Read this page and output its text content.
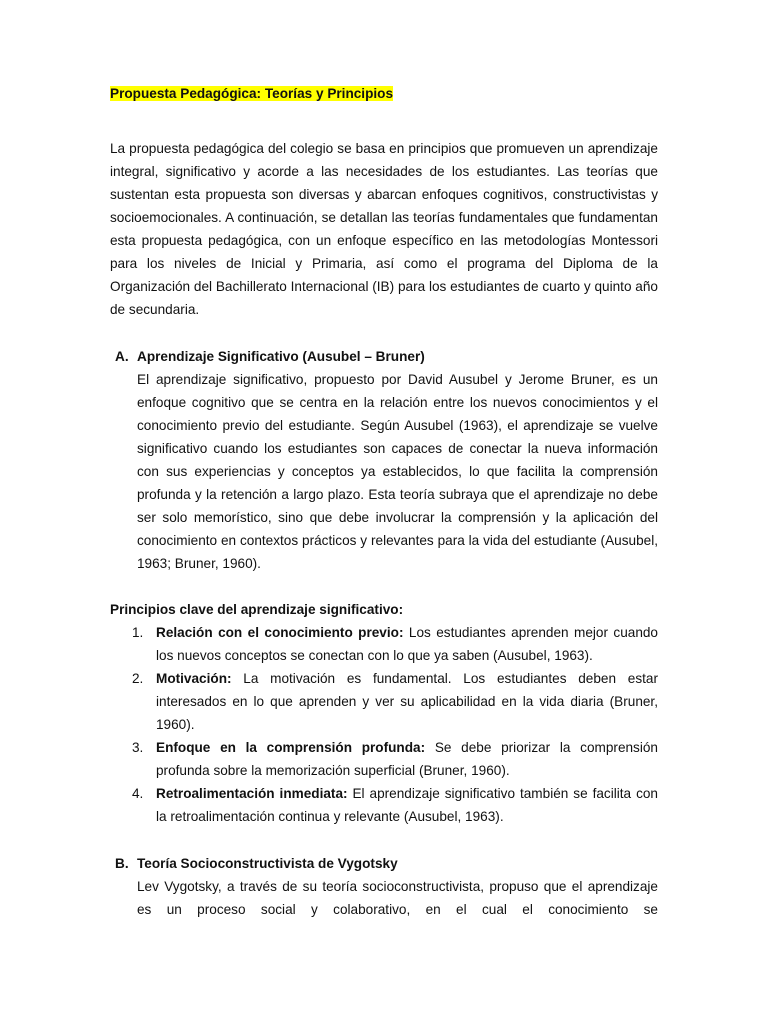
Propuesta Pedagógica: Teorías y Principios

La propuesta pedagógica del colegio se basa en principios que promueven un aprendizaje integral, significativo y acorde a las necesidades de los estudiantes. Las teorías que sustentan esta propuesta son diversas y abarcan enfoques cognitivos, constructivistas y socioemocionales. A continuación, se detallan las teorías fundamentales que fundamentan esta propuesta pedagógica, con un enfoque específico en las metodologías Montessori para los niveles de Inicial y Primaria, así como el programa del Diploma de la Organización del Bachillerato Internacional (IB) para los estudiantes de cuarto y quinto año de secundaria.

A. Aprendizaje Significativo (Ausubel – Bruner)

El aprendizaje significativo, propuesto por David Ausubel y Jerome Bruner, es un enfoque cognitivo que se centra en la relación entre los nuevos conocimientos y el conocimiento previo del estudiante. Según Ausubel (1963), el aprendizaje se vuelve significativo cuando los estudiantes son capaces de conectar la nueva información con sus experiencias y conceptos ya establecidos, lo que facilita la comprensión profunda y la retención a largo plazo. Esta teoría subraya que el aprendizaje no debe ser solo memorístico, sino que debe involucrar la comprensión y la aplicación del conocimiento en contextos prácticos y relevantes para la vida del estudiante (Ausubel, 1963; Bruner, 1960).

Principios clave del aprendizaje significativo:
1. Relación con el conocimiento previo: Los estudiantes aprenden mejor cuando los nuevos conceptos se conectan con lo que ya saben (Ausubel, 1963).

2. Motivación: La motivación es fundamental. Los estudiantes deben estar interesados en lo que aprenden y ver su aplicabilidad en la vida diaria (Bruner, 1960).

3. Enfoque en la comprensión profunda: Se debe priorizar la comprensión profunda sobre la memorización superficial (Bruner, 1960).

4. Retroalimentación inmediata: El aprendizaje significativo también se facilita con la retroalimentación continua y relevante (Ausubel, 1963).

B. Teoría Socioconstructivista de Vygotsky

Lev Vygotsky, a través de su teoría socioconstructivista, propuso que el aprendizaje es un proceso social y colaborativo, en el cual el conocimiento se
